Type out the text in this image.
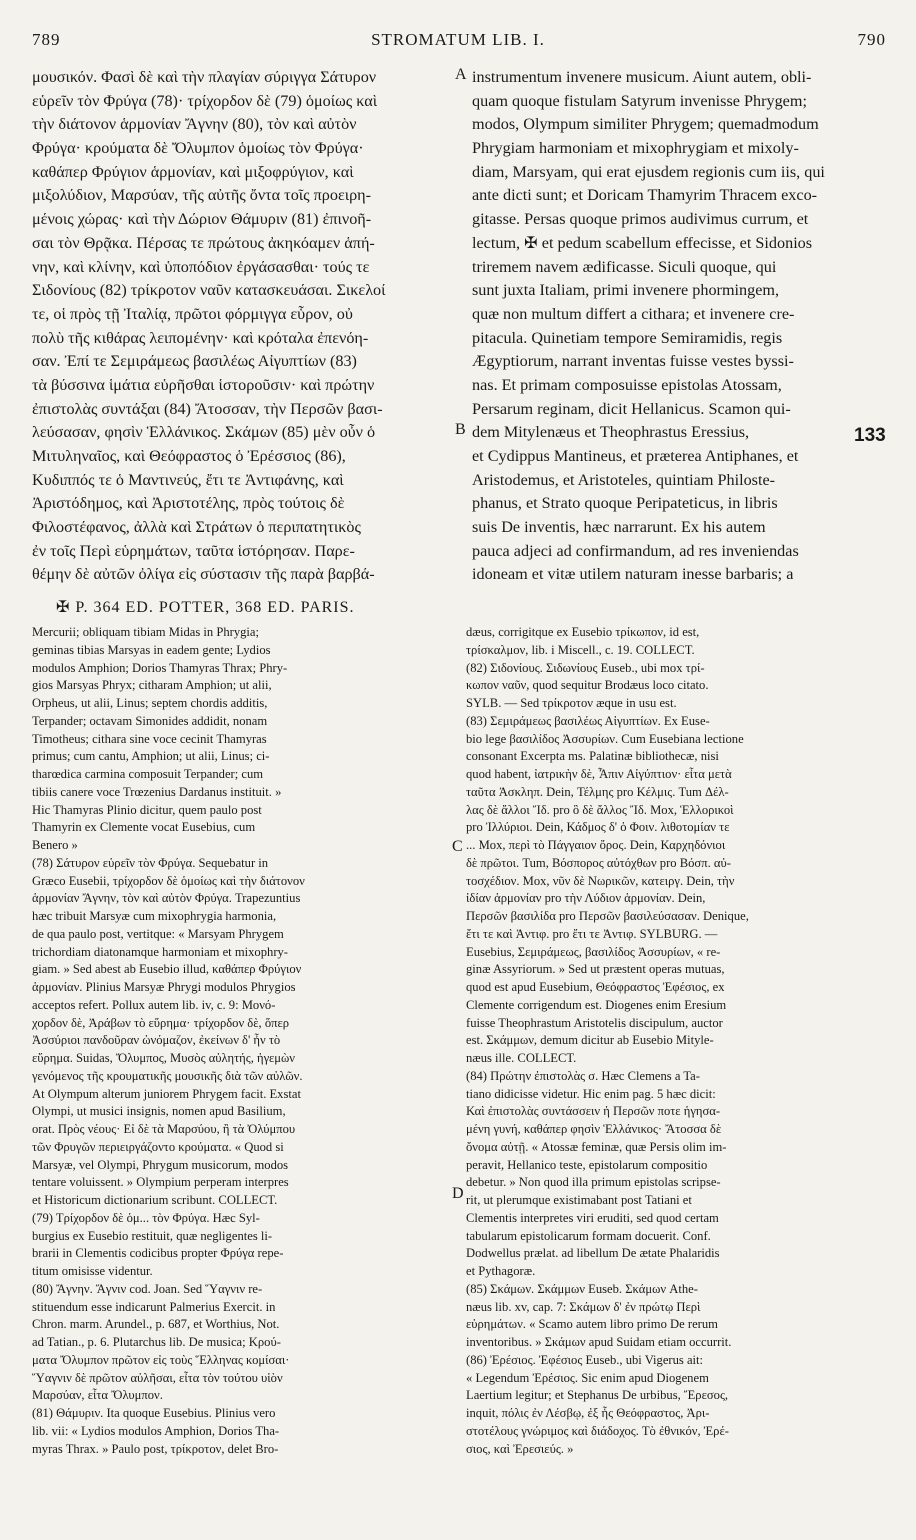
789	STROMATUM LIB. I.	790
μουσικόν. Φασὶ δὲ καὶ τὴν πλαγίαν σύριγγα Σάτυρον
εὑρεῖν τὸν Φρύγα (78)· τρίχορδον δὲ (79) ὁμοίως καὶ
τὴν διάτονον ἁρμονίαν Ἄγνην (80), τὸν καὶ αὐτὸν
Φρύγα· κρούματα δὲ Ὄλυμπον ὁμοίως τὸν Φρύγα·
καθάπερ Φρύγιον ἁρμονίαν, καὶ μιξοφρύγιον, καὶ
μιξολύδιον, Μαρσύαν, τῆς αὐτῆς ὄντα τοῖς προειρη-
μένοις χώρας· καὶ τὴν Δώριον Θάμυριν (81) ἐπινοῆ-
σαι τὸν Θρᾷκα. Πέρσας τε πρώτους ἀκηκόαμεν ἁπή-
νην, καὶ κλίνην, καὶ ὑποπόδιον ἐργάσασθαι· τούς τε
Σιδονίους (82) τρίκροτον ναῦν κατασκευάσαι. Σικελοί
τε, οἱ πρὸς τῇ Ἰταλίᾳ, πρῶτοι φόρμιγγα εὗρον, οὐ
πολὺ τῆς κιθάρας λειπομένην· καὶ κρόταλα ἐπενόη-
σαν. Ἐπί τε Σεμιράμεως βασιλέως Αἰγυπτίων (83)
τὰ βύσσινα ἱμάτια εὑρῆσθαι ἱστοροῦσιν· καὶ πρώτην
ἐπιστολὰς συντάξαι (84) Ἄτοσσαν, τὴν Περσῶν βασι-
λεύσασαν, φησὶν Ἑλλάνικος. Σκάμων (85) μὲν οὖν ὁ
Μιτυληναῖος, καὶ Θεόφραστος ὁ Ἐρέσσιος (86),
Κυδιππός τε ὁ Μαντινεύς, ἔτι τε Ἀντιφάνης, καὶ
Ἀριστόδημος, καὶ Ἀριστοτέλης, πρὸς τούτοις δὲ
Φιλοστέφανος, ἀλλὰ καὶ Στράτων ὁ περιπατητικὸς
ἐν τοῖς Περὶ εὑρημάτων, ταῦτα ἱστόρησαν. Παρε-
θέμην δὲ αὐτῶν ὀλίγα εἰς σύστασιν τῆς παρὰ βαρβά-
instrumentum invenere musicum. Aiunt autem, obli-
quam quoque fistulam Satyrum invenisse Phrygem;
modos, Olympum similiter Phrygem; quemadmodum
Phrygiam harmoniam et mixophrygiam et mixoly-
diam, Marsyam, qui erat ejusdem regionis cum iis, qui
ante dicti sunt; et Doricam Thamyrim Thracem exco-
gitasse. Persas quoque primos audivimus currum, et
lectum, ✠ et pedum scabellum effecisse, et Sidonios
triremem navem ædificasse. Siculi quoque, qui
sunt juxta Italiam, primi invenere phormingem,
quæ non multum differt a cithara; et invenere cre-
pitacula. Quinetiam tempore Semiramidis, regis
Ægyptiorum, narrant inventas fuisse vestes byssi-
nas. Et primam composuisse epistolas Atossam,
Persarum reginam, dicit Hellanicus. Scamon qui-
dem Mitylenæus et Theophrastus Eressius,
et Cydippus Mantineus, et præterea Antiphanes, et
Aristodemus, et Aristoteles, quintiam Philoste-
phanus, et Strato quoque Peripateticus, in libris
suis De inventis, hæc narrarunt. Ex his autem
pauca adjeci ad confirmandum, ad res inveniendas
idoneam et vitæ utilem naturam inesse barbaris; a
A
B
C
D
133
✠ P. 364 ED. POTTER, 368 ED. PARIS.
Mercurii; obliquam tibiam Midas in Phrygia;
geminas tibias Marsyas in eadem gente; Lydios
modulos Amphion; Dorios Thamyras Thrax; Phry-
gios Marsyas Phryx; citharam Amphion; ut alii,
Orpheus, ut alii, Linus; septem chordis additis,
Terpander; octavam Simonides addidit, nonam
Timotheus; cithara sine voce cecinit Thamyras
primus; cum cantu, Amphion; ut alii, Linus; ci-
tharœdica carmina composuit Terpander; cum
tibiis canere voce Trœzenius Dardanus instituit. »
Hic Thamyras Plinio dicitur, quem paulo post
Thamyrin ex Clemente vocat Eusebius, cum
Benero »
(78) Σάτυρον εὑρεῖν τὸν Φρύγα. Sequebatur in
Græco Eusebii, τρίχορδον δὲ ὁμοίως καὶ τὴν διάτονον
ἁρμονίαν Ἄγνην, τὸν καὶ αὐτὸν Φρύγα. Trapezuntius
hæc tribuit Marsyæ cum mixophrygia harmonia,
de qua paulo post, vertitque: « Marsyam Phrygem
trichordiam diatonamque harmoniam et mixophry-
giam. » Sed abest ab Eusebio illud, καθάπερ Φρύγιον
ἁρμονίαν. Plinius Marsyæ Phrygi modulos Phrygios
acceptos refert. Pollux autem lib. iv, c. 9: Μονό-
χορδον δὲ, Ἀράβων τὸ εὕρημα· τρίχορδον δὲ, ὅπερ
Ἀσσύριοι πανδοῦραν ὠνόμαζον, ἐκείνων δ' ἦν τὸ
εὕρημα. Suidas, Ὄλυμπος, Μυσὸς αὐλητής, ἡγεμὼν
γενόμενος τῆς κρουματικῆς μουσικῆς διὰ τῶν αὐλῶν.
At Olympum alterum juniorem Phrygem facit. Exstat
Olympi, ut musici insignis, nomen apud Basilium,
orat. Πρὸς νέους· Εἰ δὲ τὰ Μαρσύου, ἢ τὰ Ὀλύμπου
τῶν Φρυγῶν περιειργάζοντο κρούματα. « Quod si
Marsyæ, vel Olympi, Phrygum musicorum, modos
tentare voluissent. » Olympium perperam interpres
et Historicum dictionarium scribunt. COLLECT.
(79) Τρίχορδον δὲ ὁμ... τὸν Φρύγα. Hæc Syl-
burgius ex Eusebio restituit, quæ negligentes li-
brarii in Clementis codicibus propter Φρύγα repe-
titum omisisse videntur.
(80) Ἄγνην. Ἄγνιν cod. Joan. Sed Ὕαγνιν re-
stituendum esse indicarunt Palmerius Exercit. in
Chron. marm. Arundel., p. 687, et Worthius, Not.
ad Tatian., p. 6. Plutarchus lib. De musica; Κρού-
ματα Ὄλυμπον πρῶτον εἰς τοὺς Ἕλληνας κομίσαι·
Ὕαγνιν δὲ πρῶτον αὐλῆσαι, εἶτα τὸν τούτου υἱὸν
Μαρσύαν, εἶτα Ὄλυμπον.
(81) Θάμυριν. Ita quoque Eusebius. Plinius vero
lib. vii: « Lydios modulos Amphion, Dorios Tha-
myras Thrax. » Paulo post, τρίκροτον, delet Bro-
dæus, corrigitque ex Eusebio τρίκωπον, id est,
τρίσκαλμον, lib. i Miscell., c. 19. COLLECT.
(82) Σιδονίους. Σιδωνίους Euseb., ubi mox τρί-
κωπον ναῦν, quod sequitur Brodæus loco citato.
SYLB. — Sed τρίκροτον æque in usu est.
(83) Σεμιράμεως βασιλέως Αἰγυπτίων. Ex Euse-
bio lege βασιλίδος Ἀσσυρίων. Cum Eusebiana lectione
consonant Excerpta ms. Palatinæ bibliothecæ, nisi
quod habent, ἰατρικὴν δὲ, Ἆπιν Αἰγύπτιον· εἶτα μετὰ
ταῦτα Ἀσκληπ. Dein, Τέλμης pro Κέλμις. Tum Δέλ-
λας δὲ ἄλλοι Ἴδ. pro ὃ δὲ ἄλλος Ἴδ. Mox, Ἑλλορικοὶ
pro Ἰλλύριοι. Dein, Κάδμος δ' ὁ Φοιν. λιθοτομίαν τε
... Mox, περὶ τὸ Πάγγαιον ὄρος. Dein, Καρχηδόνιοι
δὲ πρῶτοι. Tum, Βόσπορος αὐτόχθων pro Βόσπ. αὐ-
τοσχέδιον. Mox, νῦν δὲ Νωρικῶν, κατειργ. Dein, τὴν
ἰδίαν ἁρμονίαν pro τὴν Λύδιον ἁρμονίαν. Dein,
Περσῶν βασιλίδα pro Περσῶν βασιλεύσασαν. Denique,
ἔτι τε καὶ Ἀντιφ. pro ἔτι τε Ἀντιφ. SYLBURG. —
Eusebius, Σεμιράμεως, βασιλίδος Ἀσσυρίων, « re-
ginæ Assyriorum. » Sed ut præstent operas mutuas,
quod est apud Eusebium, Θεόφραστος Ἐφέσιος, ex
Clemente corrigendum est. Diogenes enim Eresium
fuisse Theophrastum Aristotelis discipulum, auctor
est. Σκάμμων, demum dicitur ab Eusebio Mityle-
næus ille. COLLECT.
(84) Πρώτην ἐπιστολὰς σ. Hæc Clemens a Ta-
tiano didicisse videtur. Hic enim pag. 5 hæc dicit:
Καὶ ἐπιστολὰς συντάσσειν ἡ Περσῶν ποτε ἡγησα-
μένη γυνή, καθάπερ φησὶν Ἑλλάνικος· Ἄτοσσα δὲ
ὄνομα αὐτῇ. « Atossæ feminæ, quæ Persis olim im-
peravit, Hellanico teste, epistolarum compositio
debetur. » Non quod illa primum epistolas scripse-
rit, ut plerumque existimabant post Tatiani et
Clementis interpretes viri eruditi, sed quod certam
tabularum epistolicarum formam docuerit. Conf.
Dodwellus prælat. ad libellum De ætate Phalaridis
et Pythagoræ.
(85) Σκάμων. Σκάμμων Euseb. Σκάμων Athe-
næus lib. xv, cap. 7: Σκάμων δ' ἐν πρώτῳ Περὶ
εὑρημάτων. « Scamo autem libro primo De rerum
inventoribus. » Σκάμων apud Suidam etiam occurrit.
(86) Ἐρέσιος. Ἐφέσιος Euseb., ubi Vigerus ait:
« Legendum Ἐρέσιος. Sic enim apud Diogenem
Laertium legitur; et Stephanus De urbibus, Ἔρεσος,
inquit, πόλις ἐν Λέσβῳ, ἐξ ἧς Θεόφραστος, Ἀρι-
στοτέλους γνώριμος καὶ διάδοχος. Τὸ ἐθνικόν, Ἐρέ-
σιος, καὶ Ἐρεσιεύς. »
